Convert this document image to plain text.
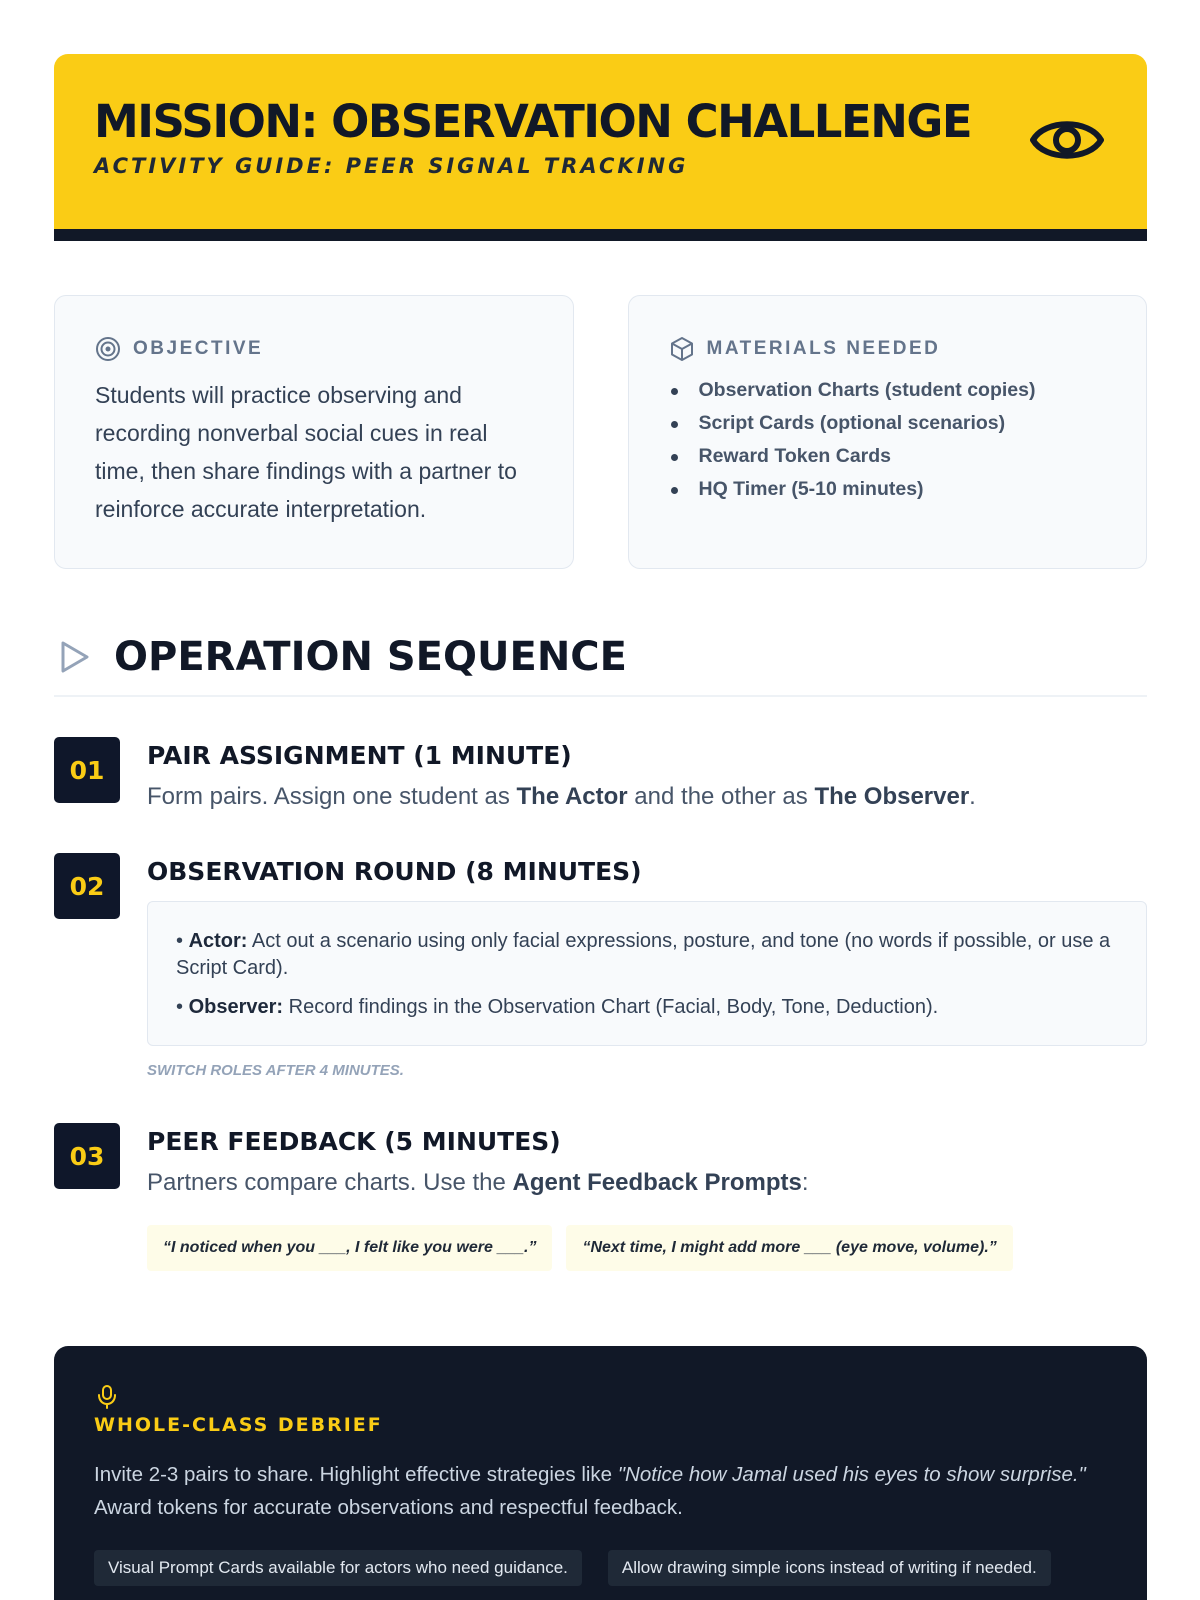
MISSION: OBSERVATION CHALLENGE
ACTIVITY GUIDE: PEER SIGNAL TRACKING
OBJECTIVE

Students will practice observing and recording nonverbal social cues in real time, then share findings with a partner to reinforce accurate interpretation.

MATERIALS NEEDED
Observation Charts (student copies)
Script Cards (optional scenarios)
Reward Token Cards
HQ Timer (5-10 minutes)
OPERATION SEQUENCE
01	PAIR ASSIGNMENT (1 MINUTE)

Form pairs. Assign one student as The Actor and the other as The Observer.

02	OBSERVATION ROUND (8 MINUTES)

• Actor: Act out a scenario using only facial expressions, posture, and tone (no words if possible, or use a Script Card).

• Observer: Record findings in the Observation Chart (Facial, Body, Tone, Deduction).

SWITCH ROLES AFTER 4 MINUTES.
03	PEER FEEDBACK (5 MINUTES)

Partners compare charts. Use the Agent Feedback Prompts:

“I noticed when you ___, I felt like you were ___.”	“Next time, I might add more ___ (eye move, volume).”
WHOLE-CLASS DEBRIEF

Invite 2-3 pairs to share. Highlight effective strategies like "Notice how Jamal used his eyes to show surprise." Award tokens for accurate observations and respectful feedback.

Visual Prompt Cards available for actors who need guidance.	Allow drawing simple icons instead of writing if needed.
